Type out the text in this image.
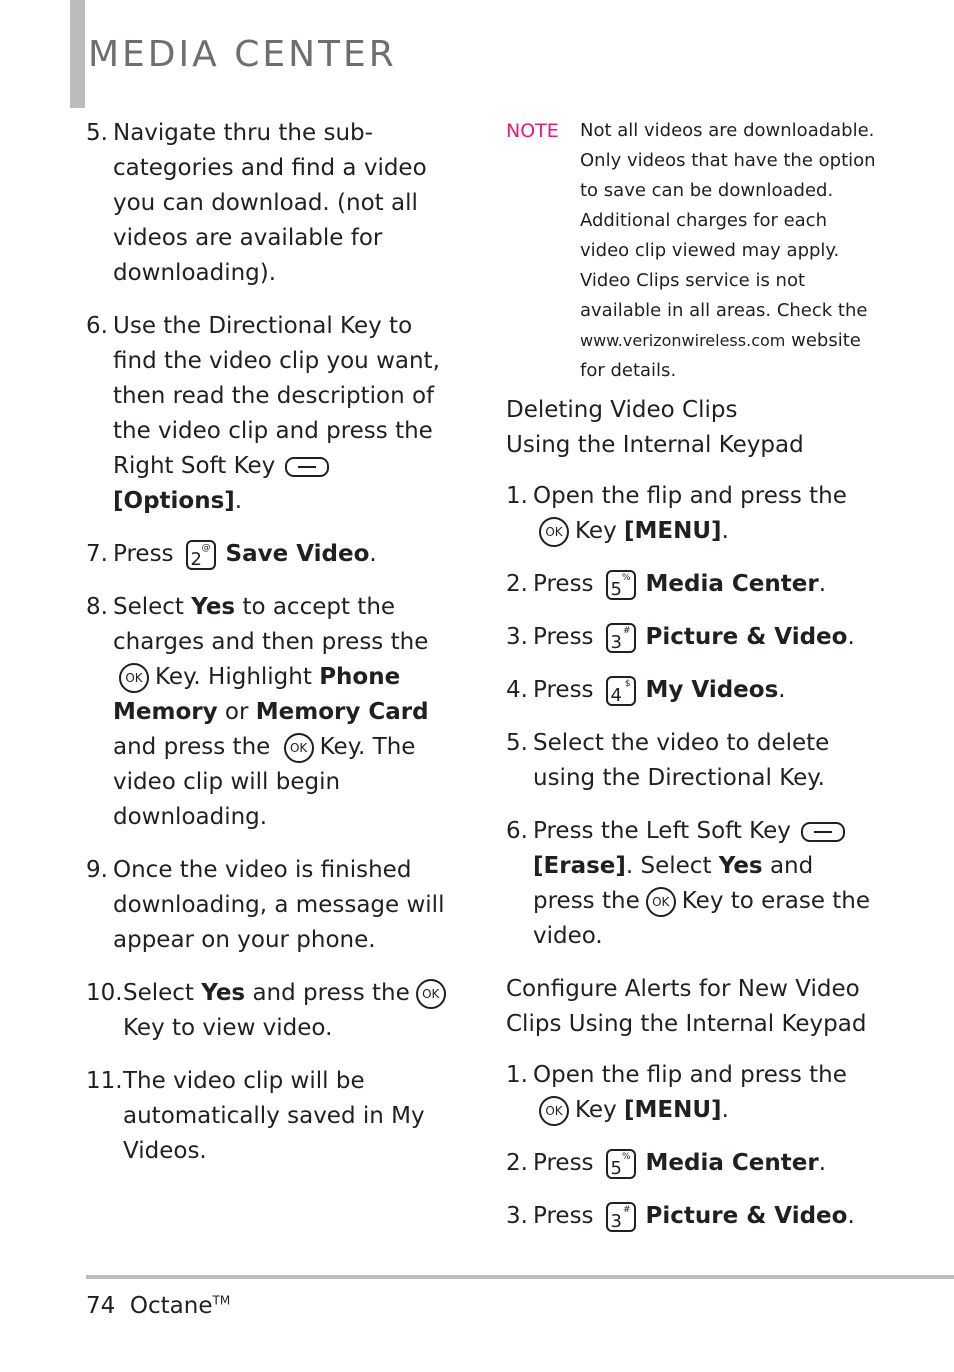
MEDIA CENTER
5. Navigate thru the sub-categories and find a video you can download. (not all videos are available for downloading).
6. Use the Directional Key to find the video clip you want, then read the description of the video clip and press the Right Soft Key[Options].
7. Press 2
@ Save Video.
8. Select Yes to accept the charges and then press theOK Key. Highlight Phone Memory or Memory Card and press the OK Key. The video clip will begin downloading.
9. Once the video is finished downloading, a message will appear on your phone.
10. Select Yes and press the OK Key to view video.
11. The video clip will be automatically saved in My Videos.
NOTE	Not all videos are downloadable. Only videos that have the option to save can be downloaded. Additional charges for each video clip viewed may apply. Video Clips service is not available in all areas. Check the www.verizonwireless.com website for details.
Deleting Video Clips
Using the Internal Keypad
1. Open the flip and press theOK Key [MENU].
2. Press 5
% Media Center.
3. Press 3
# Picture & Video.
4. Press 4
$ My Videos.
5. Select the video to delete using the Directional Key.
6. Press the Left Soft Key[Erase]. Select Yes and press the OK Key to erase the video.
Configure Alerts for New Video
Clips Using the Internal Keypad
1. Open the flip and press theOK Key [MENU].
2. Press 5
% Media Center.
3. Press 3
# Picture & Video.
74 Octane™
